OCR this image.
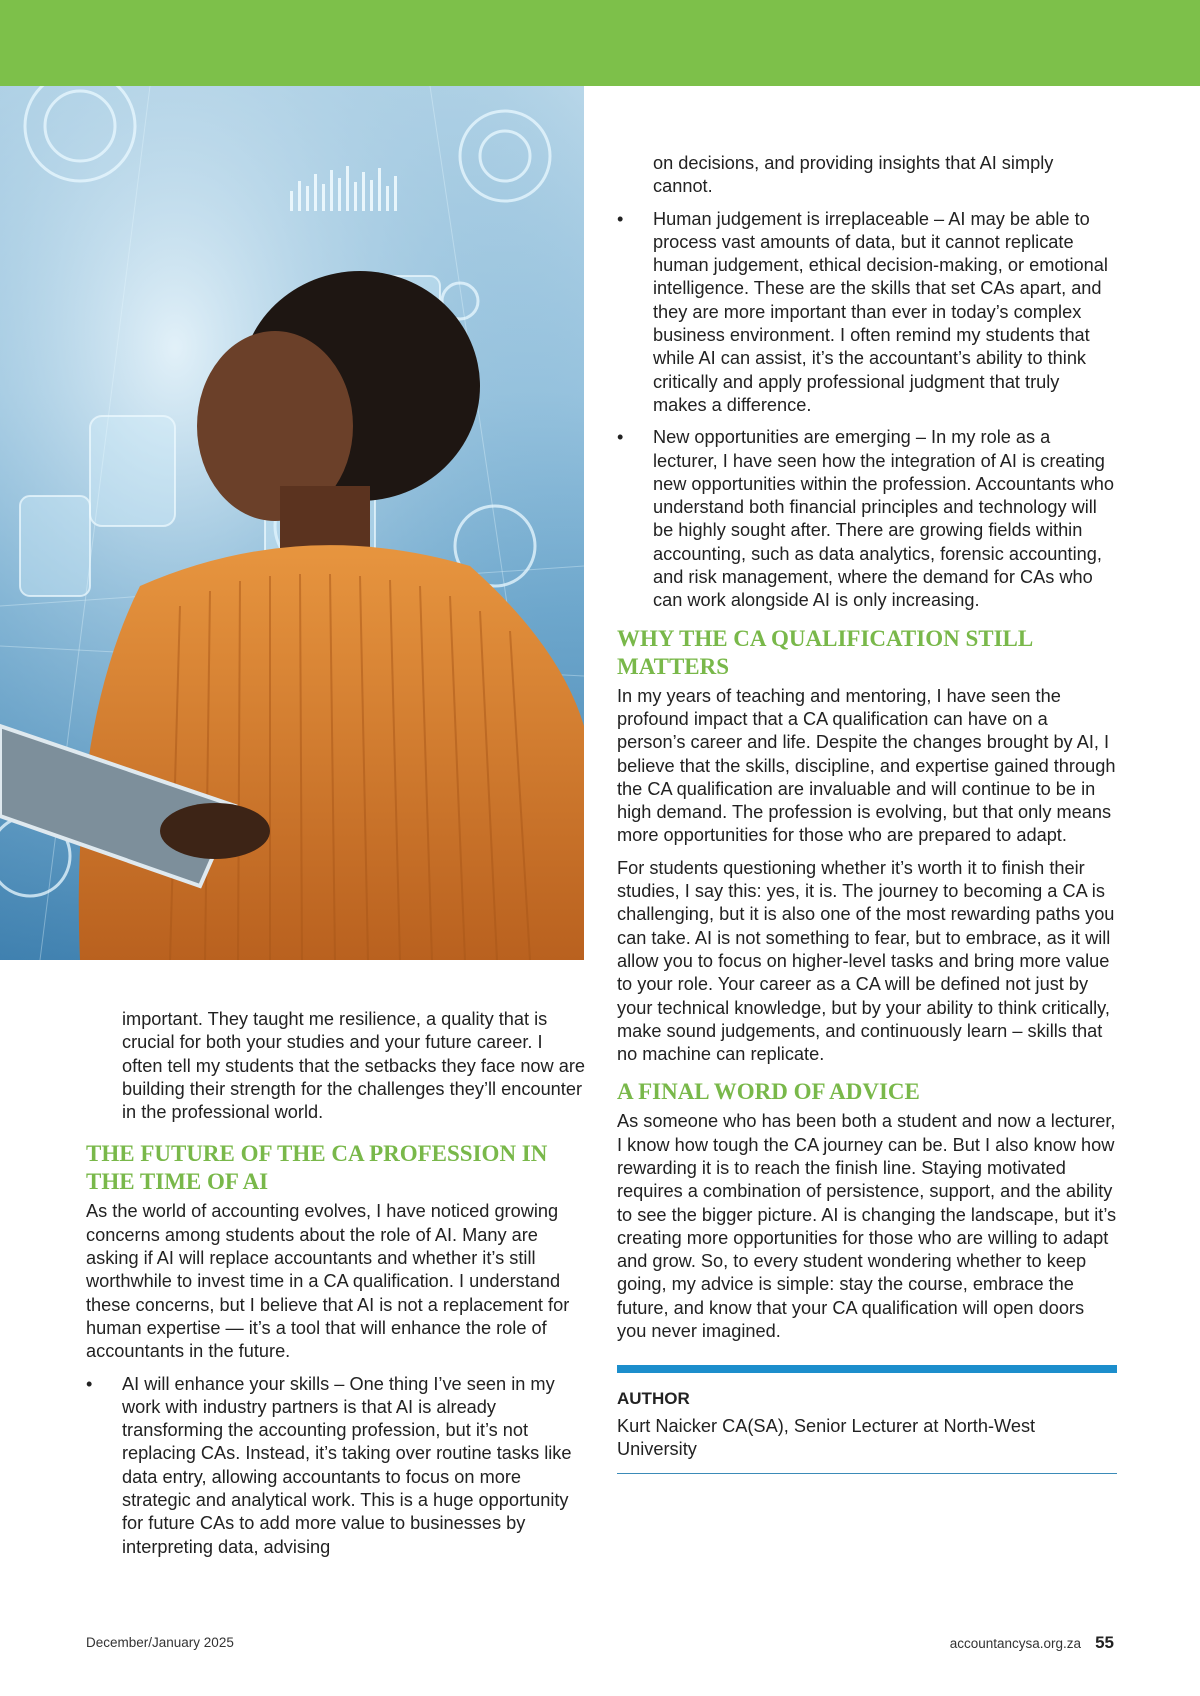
important. They taught me resilience, a quality that is crucial for both your studies and your future career. I often tell my students that the setbacks they face now are building their strength for the challenges they’ll encounter in the professional world.

THE FUTURE OF THE CA PROFESSION IN THE TIME OF AI

As the world of accounting evolves, I have noticed growing concerns among students about the role of AI. Many are asking if AI will replace accountants and whether it’s still worthwhile to invest time in a CA qualification. I understand these concerns, but I believe that AI is not a replacement for human expertise — it’s a tool that will enhance the role of accountants in the future.

• AI will enhance your skills – One thing I’ve seen in my work with industry partners is that AI is already transforming the accounting profession, but it’s not replacing CAs. Instead, it’s taking over routine tasks like data entry, allowing accountants to focus on more strategic and analytical work. This is a huge opportunity for future CAs to add more value to businesses by interpreting data, advising

on decisions, and providing insights that AI simply cannot.

• Human judgement is irreplaceable – AI may be able to process vast amounts of data, but it cannot replicate human judgement, ethical decision-making, or emotional intelligence. These are the skills that set CAs apart, and they are more important than ever in today’s complex business environment. I often remind my students that while AI can assist, it’s the accountant’s ability to think critically and apply professional judgment that truly makes a difference.
• New opportunities are emerging – In my role as a lecturer, I have seen how the integration of AI is creating new opportunities within the profession. Accountants who understand both financial principles and technology will be highly sought after. There are growing fields within accounting, such as data analytics, forensic accounting, and risk management, where the demand for CAs who can work alongside AI is only increasing.
WHY THE CA QUALIFICATION STILL MATTERS

In my years of teaching and mentoring, I have seen the profound impact that a CA qualification can have on a person’s career and life. Despite the changes brought by AI, I believe that the skills, discipline, and expertise gained through the CA qualification are invaluable and will continue to be in high demand. The profession is evolving, but that only means more opportunities for those who are prepared to adapt.

For students questioning whether it’s worth it to finish their studies, I say this: yes, it is. The journey to becoming a CA is challenging, but it is also one of the most rewarding paths you can take. AI is not something to fear, but to embrace, as it will allow you to focus on higher-level tasks and bring more value to your role. Your career as a CA will be defined not just by your technical knowledge, but by your ability to think critically, make sound judgements, and continuously learn – skills that no machine can replicate.

A FINAL WORD OF ADVICE

As someone who has been both a student and now a lecturer, I know how tough the CA journey can be. But I also know how rewarding it is to reach the finish line. Staying motivated requires a combination of persistence, support, and the ability to see the bigger picture. AI is changing the landscape, but it’s creating more opportunities for those who are willing to adapt and grow. So, to every student wondering whether to keep going, my advice is simple: stay the course, embrace the future, and know that your CA qualification will open doors you never imagined.

AUTHOR
Kurt Naicker CA(SA), Senior Lecturer at North-West University
December/January 2025	accountancysa.org.za 55
